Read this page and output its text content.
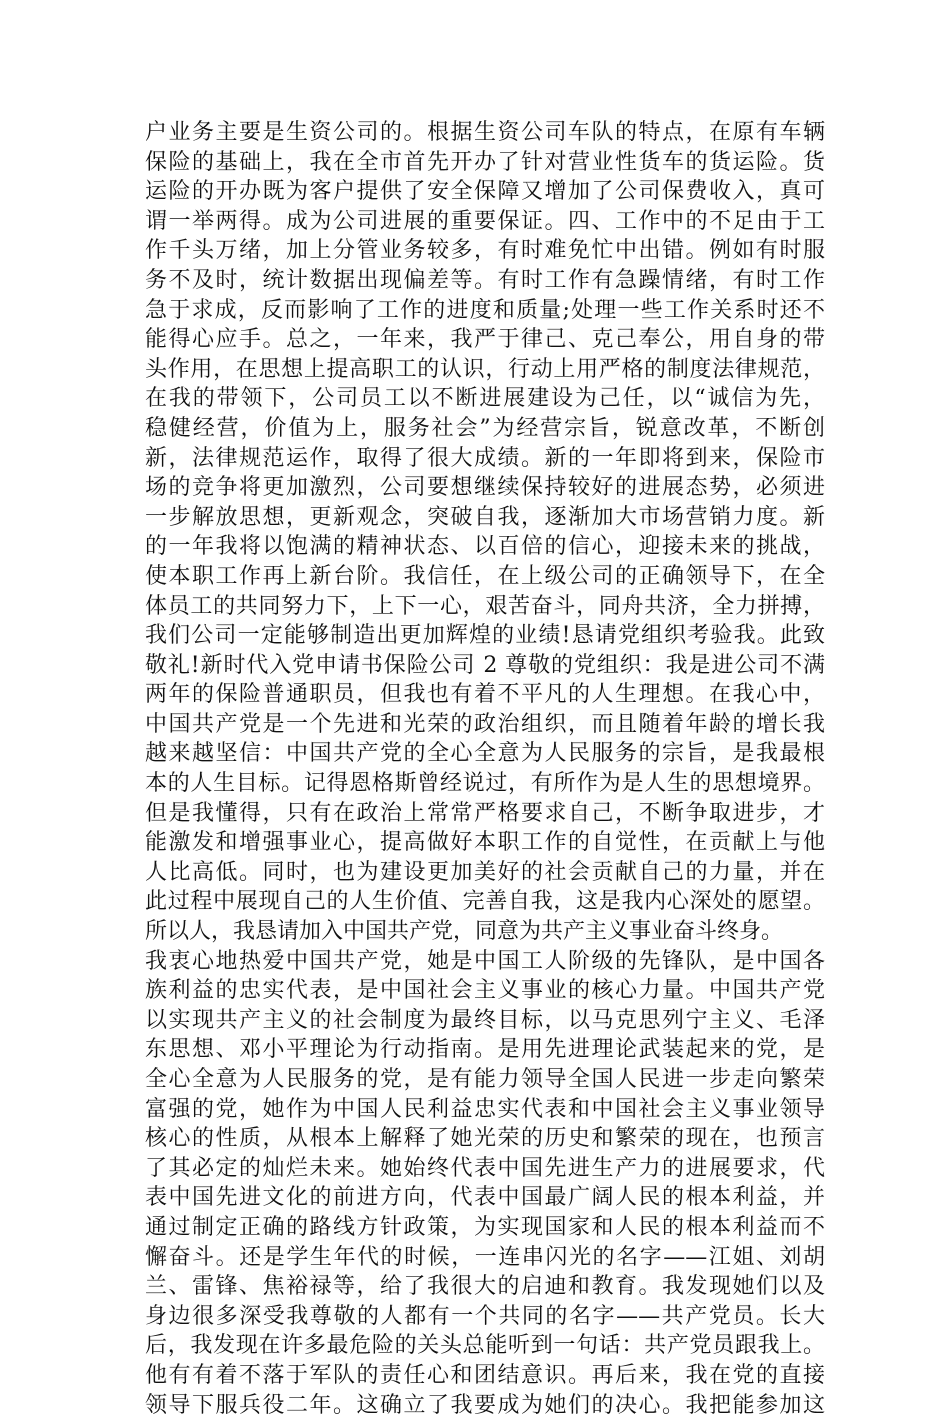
户业务主要是生资公司的。根据生资公司车队的特点，在原有车辆
保险的基础上，我在全市首先开办了针对营业性货车的货运险。货
运险的开办既为客户提供了安全保障又增加了公司保费收入，真可
谓一举两得。成为公司进展的重要保证。四、工作中的不足由于工
作千头万绪，加上分管业务较多，有时难免忙中出错。例如有时服
务不及时，统计数据出现偏差等。有时工作有急躁情绪，有时工作
急于求成，反而影响了工作的进度和质量;处理一些工作关系时还不
能得心应手。总之，一年来，我严于律己、克己奉公，用自身的带
头作用，在思想上提高职工的认识，行动上用严格的制度法律规范，
在我的带领下，公司员工以不断进展建设为己任，以“诚信为先，
稳健经营，价值为上，服务社会”为经营宗旨，锐意改革，不断创
新，法律规范运作，取得了很大成绩。新的一年即将到来，保险市
场的竞争将更加激烈，公司要想继续保持较好的进展态势，必须进
一步解放思想，更新观念，突破自我，逐渐加大市场营销力度。新
的一年我将以饱满的精神状态、以百倍的信心，迎接未来的挑战，
使本职工作再上新台阶。我信任，在上级公司的正确领导下，在全
体员工的共同努力下，上下一心，艰苦奋斗，同舟共济，全力拼搏，
我们公司一定能够制造出更加辉煌的业绩!恳请党组织考验我。此致
敬礼!新时代入党申请书保险公司 2 尊敬的党组织：我是进公司不满
两年的保险普通职员，但我也有着不平凡的人生理想。在我心中，
中国共产党是一个先进和光荣的政治组织，而且随着年龄的增长我
越来越坚信：中国共产党的全心全意为人民服务的宗旨，是我最根
本的人生目标。记得恩格斯曾经说过，有所作为是人生的思想境界。
但是我懂得，只有在政治上常常严格要求自己，不断争取进步，才
能激发和增强事业心，提高做好本职工作的自觉性，在贡献上与他
人比高低。同时，也为建设更加美好的社会贡献自己的力量，并在
此过程中展现自己的人生价值、完善自我，这是我内心深处的愿望。
所以人，我恳请加入中国共产党，同意为共产主义事业奋斗终身。
我衷心地热爱中国共产党，她是中国工人阶级的先锋队，是中国各
族利益的忠实代表，是中国社会主义事业的核心力量。中国共产党
以实现共产主义的社会制度为最终目标，以马克思列宁主义、毛泽
东思想、邓小平理论为行动指南。是用先进理论武装起来的党，是
全心全意为人民服务的党，是有能力领导全国人民进一步走向繁荣
富强的党，她作为中国人民利益忠实代表和中国社会主义事业领导
核心的性质，从根本上解释了她光荣的历史和繁荣的现在，也预言
了其必定的灿烂未来。她始终代表中国先进生产力的进展要求，代
表中国先进文化的前进方向，代表中国最广阔人民的根本利益，并
通过制定正确的路线方针政策，为实现国家和人民的根本利益而不
懈奋斗。还是学生年代的时候，一连串闪光的名字——江姐、刘胡
兰、雷锋、焦裕禄等，给了我很大的启迪和教育。我发现她们以及
身边很多深受我尊敬的人都有一个共同的名字——共产党员。长大
后，我发现在许多最危险的关头总能听到一句话：共产党员跟我上。
他有有着不落于军队的责任心和团结意识。再后来，我在党的直接
领导下服兵役二年。这确立了我要成为她们的决心。我把能参加这
